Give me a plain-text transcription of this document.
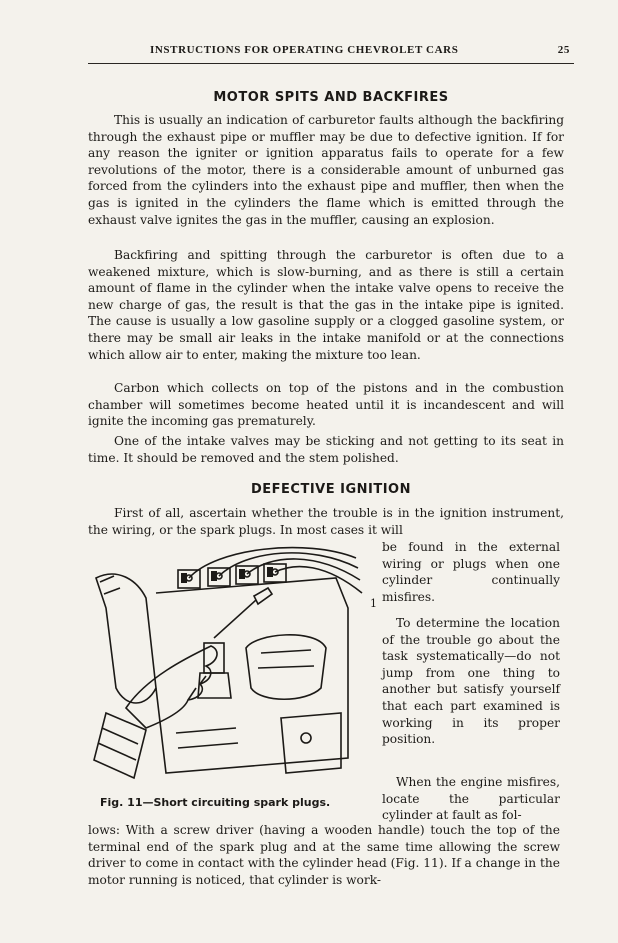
INSTRUCTIONS FOR OPERATING CHEVROLET CARS	25
MOTOR SPITS AND BACKFIRES

This is usually an indication of carburetor faults although the backfiring through the exhaust pipe or muffler may be due to defective ignition. If for any reason the igniter or ignition apparatus fails to operate for a few revolutions of the motor, there is a considerable amount of unburned gas forced from the cylinders into the exhaust pipe and muffler, then when the gas is ignited in the cylinders the flame which is emitted through the exhaust valve ignites the gas in the muffler, causing an explosion.

Backfiring and spitting through the carburetor is often due to a weakened mixture, which is slow-burning, and as there is still a certain amount of flame in the cylinder when the intake valve opens to receive the new charge of gas, the result is that the gas in the intake pipe is ignited. The cause is usually a low gasoline supply or a clogged gasoline system, or there may be small air leaks in the intake manifold or at the connections which allow air to enter, making the mixture too lean.

Carbon which collects on top of the pistons and in the combustion chamber will sometimes become heated until it is incandescent and will ignite the incoming gas prematurely.

One of the intake valves may be sticking and not getting to its seat in time. It should be removed and the stem polished.

DEFECTIVE IGNITION

First of all, ascertain whether the trouble is in the ignition instrument, the wiring, or the spark plugs. In most cases it will

be found in the external wiring or plugs when one cylinder continually misfires.

1

To determine the location of the trouble go about the task systematically—do not jump from one thing to another but satisfy yourself that each part examined is working in its proper position.

When the engine misfires, locate the particular cylinder at fault as fol-

Fig. 11—Short circuiting spark plugs.

lows: With a screw driver (having a wooden handle) touch the top of the terminal end of the spark plug and at the same time allowing the screw driver to come in contact with the cylinder head (Fig. 11). If a change in the motor running is noticed, that cylinder is work-
